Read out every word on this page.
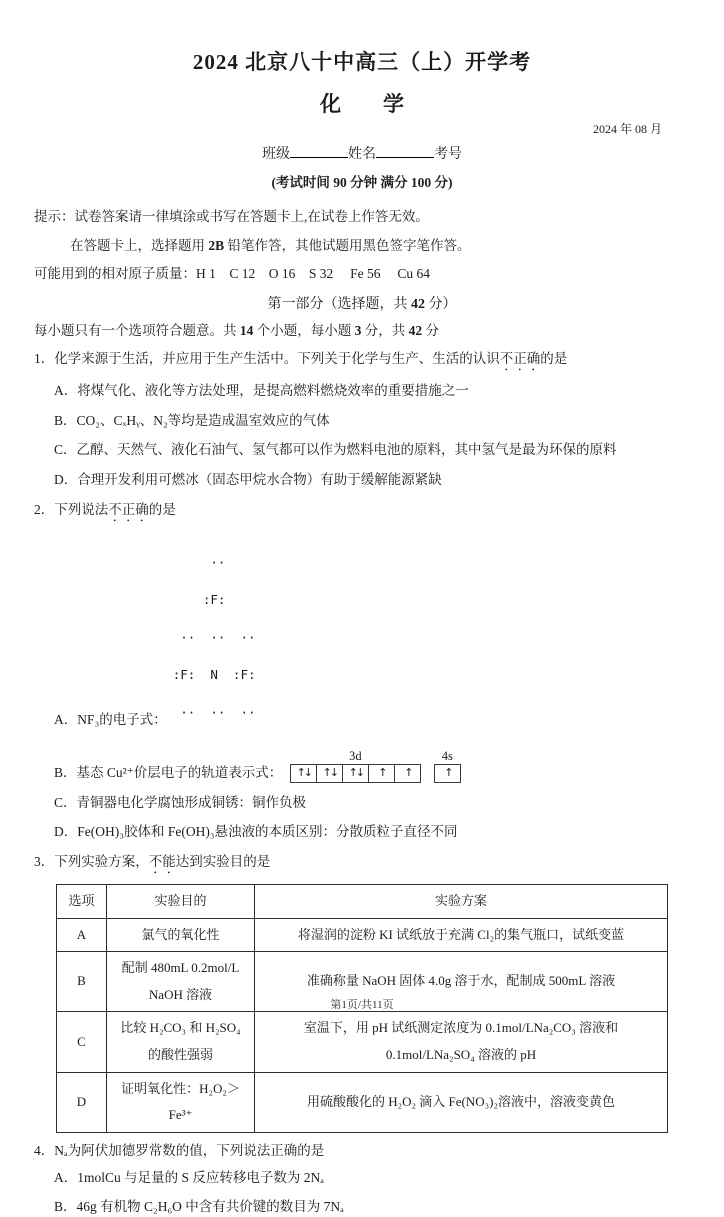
2024 北京八十中高三（上）开学考
化　　学
2024 年 08 月
班级	姓名	考号
(考试时间 90 分钟 满分 100 分)
提示：试卷答案请一律填涂或书写在答题卡上,在试卷上作答无效。
在答题卡上，选择题用 2B 铅笔作答，其他试题用黑色签字笔作答。
可能用到的相对原子质量：H 1　C 12　O 16　S 32　 Fe 56 　Cu 64
第一部分（选择题，共 42 分）
每小题只有一个选项符合题意。共 14 个小题，每小题 3 分，共 42 分
1．化学来源于生活，并应用于生产生活中。下列关于化学与生产、生活的认识不正确的是
A．将煤气化、液化等方法处理，是提高燃料燃烧效率的重要措施之一
B．CO₂、CₓHᵧ、N₂等均是造成温室效应的气体
C．乙醇、天然气、液化石油气、氢气都可以作为燃料电池的原料，其中氢气是最为环保的原料
D．合理开发利用可燃冰（固态甲烷水合物）有助于缓解能源紧缺
2．下列说法不正确的是
A．NF₃的电子式：

··

:F:

··  ··  ··

:F:  N  :F:

··  ··  ··

B．基态 Cu²⁺价层电子的轨道表示式：
3d
↑↓	↑↓	↑↓	↑	↑
4s
↑
C．青铜器电化学腐蚀形成铜锈：铜作负极
D．Fe(OH)₃胶体和 Fe(OH)₃悬浊液的本质区别：分散质粒子直径不同
3．下列实验方案，不能达到实验目的是
选项	实验目的	实验方案
A	氯气的氧化性	将湿润的淀粉 KI 试纸放于充满 Cl₂的集气瓶口，试纸变蓝
B	配制 480mL 0.2mol/L NaOH 溶液	准确称量 NaOH 固体 4.0g 溶于水，配制成 500mL 溶液
C	比较 H₂CO₃ 和 H₂SO₄ 的酸性强弱	室温下，用 pH 试纸测定浓度为 0.1mol/LNa₂CO₃ 溶液和 0.1mol/LNa₂SO₄ 溶液的 pH
D	证明氧化性：H₂O₂＞Fe³⁺	用硫酸酸化的 H₂O₂ 滴入 Fe(NO₃)₂溶液中，溶液变黄色
4．Nₐ为阿伏加德罗常数的值，下列说法正确的是
A．1molCu 与足量的 S 反应转移电子数为 2Nₐ
B．46g 有机物 C₂H₆O 中含有共价键的数目为 7Nₐ
第1页/共11页
